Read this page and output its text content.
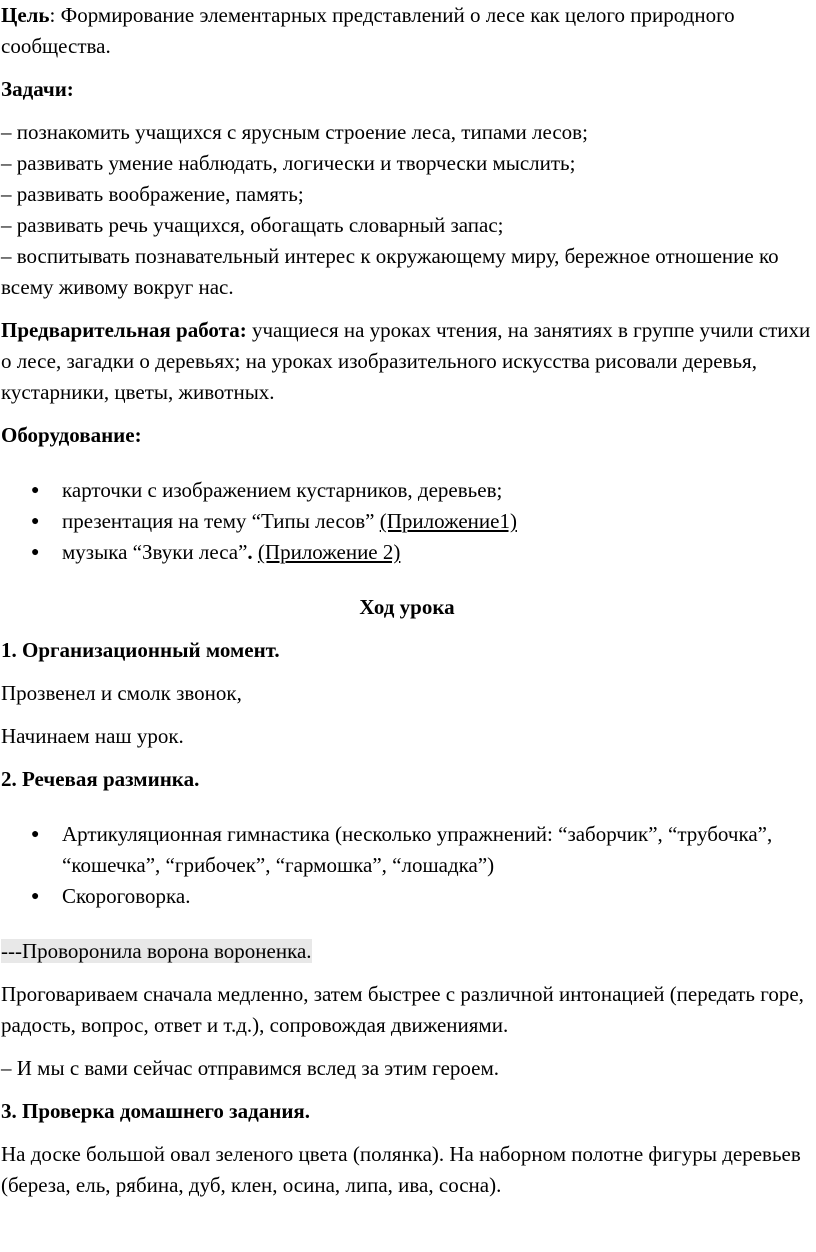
Цель: Формирование элементарных представлений о лесе как целого природного сообщества.

Задачи:

– познакомить учащихся с ярусным строение леса, типами лесов;

– развивать умение наблюдать, логически и творчески мыслить;

– развивать воображение, память;

– развивать речь учащихся, обогащать словарный запас;

– воспитывать познавательный интерес к окружающему миру, бережное отношение ко всему живому вокруг нас.

Предварительная работа: учащиеся на уроках чтения, на занятиях в группе учили стихи о лесе, загадки о деревьях; на уроках изобразительного искусства рисовали деревья, кустарники, цветы, животных.

Оборудование:

● карточки с изображением кустарников, деревьев;
● презентация на тему “Типы лесов” (Приложение1)
● музыка “Звуки леса”. (Приложение 2)

Ход урока

1. Организационный момент.

Прозвенел и смолк звонок,

Начинаем наш урок.

2. Речевая разминка.

● Артикуляционная гимнастика (несколько упражнений: “заборчик”, “трубочка”, “кошечка”, “грибочек”, “гармошка”, “лошадка”)
● Скороговорка.

---Проворонила ворона вороненка.

Проговариваем сначала медленно, затем быстрее с различной интонацией (передать горе, радость, вопрос, ответ и т.д.), сопровождая движениями.

– И мы с вами сейчас отправимся вслед за этим героем.

3. Проверка домашнего задания.

На доске большой овал зеленого цвета (полянка). На наборном полотне фигуры деревьев (береза, ель, рябина, дуб, клен, осина, липа, ива, сосна).
